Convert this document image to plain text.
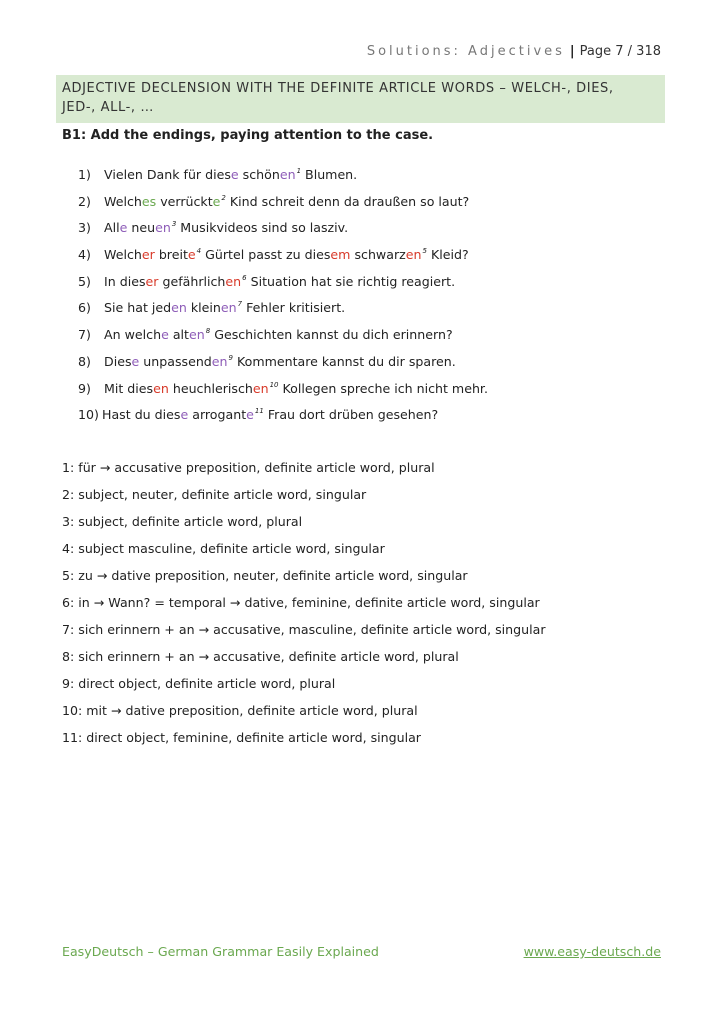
Solutions: Adjectives | Page 7 / 318
ADJECTIVE DECLENSION WITH THE DEFINITE ARTICLE WORDS – WELCH-, DIES,
JED-, ALL-, …
B1: Add the endings, paying attention to the case.
1)	Vielen Dank für diese schönen$^1$ Blumen.
2)	Welches verrückte$^2$ Kind schreit denn da draußen so laut?
3)	Alle neuen$^3$ Musikvideos sind so lasziv.
4)	Welcher breite$^4$ Gürtel passt zu diesem schwarzen$^5$ Kleid?
5)	In dieser gefährlichen$^6$ Situation hat sie richtig reagiert.
6)	Sie hat jeden kleinen$^7$ Fehler kritisiert.
7)	An welche alten$^8$ Geschichten kannst du dich erinnern?
8)	Diese unpassenden$^9$ Kommentare kannst du dir sparen.
9)	Mit diesen heuchlerischen$^{10}$ Kollegen spreche ich nicht mehr.
10) Hast du diese arrogante$^{11}$ Frau dort drüben gesehen?
1: für → accusative preposition, definite article word, plural
2: subject, neuter, definite article word, singular
3: subject, definite article word, plural
4: subject masculine, definite article word, singular
5: zu → dative preposition, neuter, definite article word, singular
6: in → Wann? = temporal → dative, feminine, definite article word, singular
7: sich erinnern + an → accusative, masculine, definite article word, singular
8: sich erinnern + an → accusative, definite article word, plural
9: direct object, definite article word, plural
10: mit → dative preposition, definite article word, plural
11: direct object, feminine, definite article word, singular
EasyDeutsch – German Grammar Easily Explained	www.easy-deutsch.de
